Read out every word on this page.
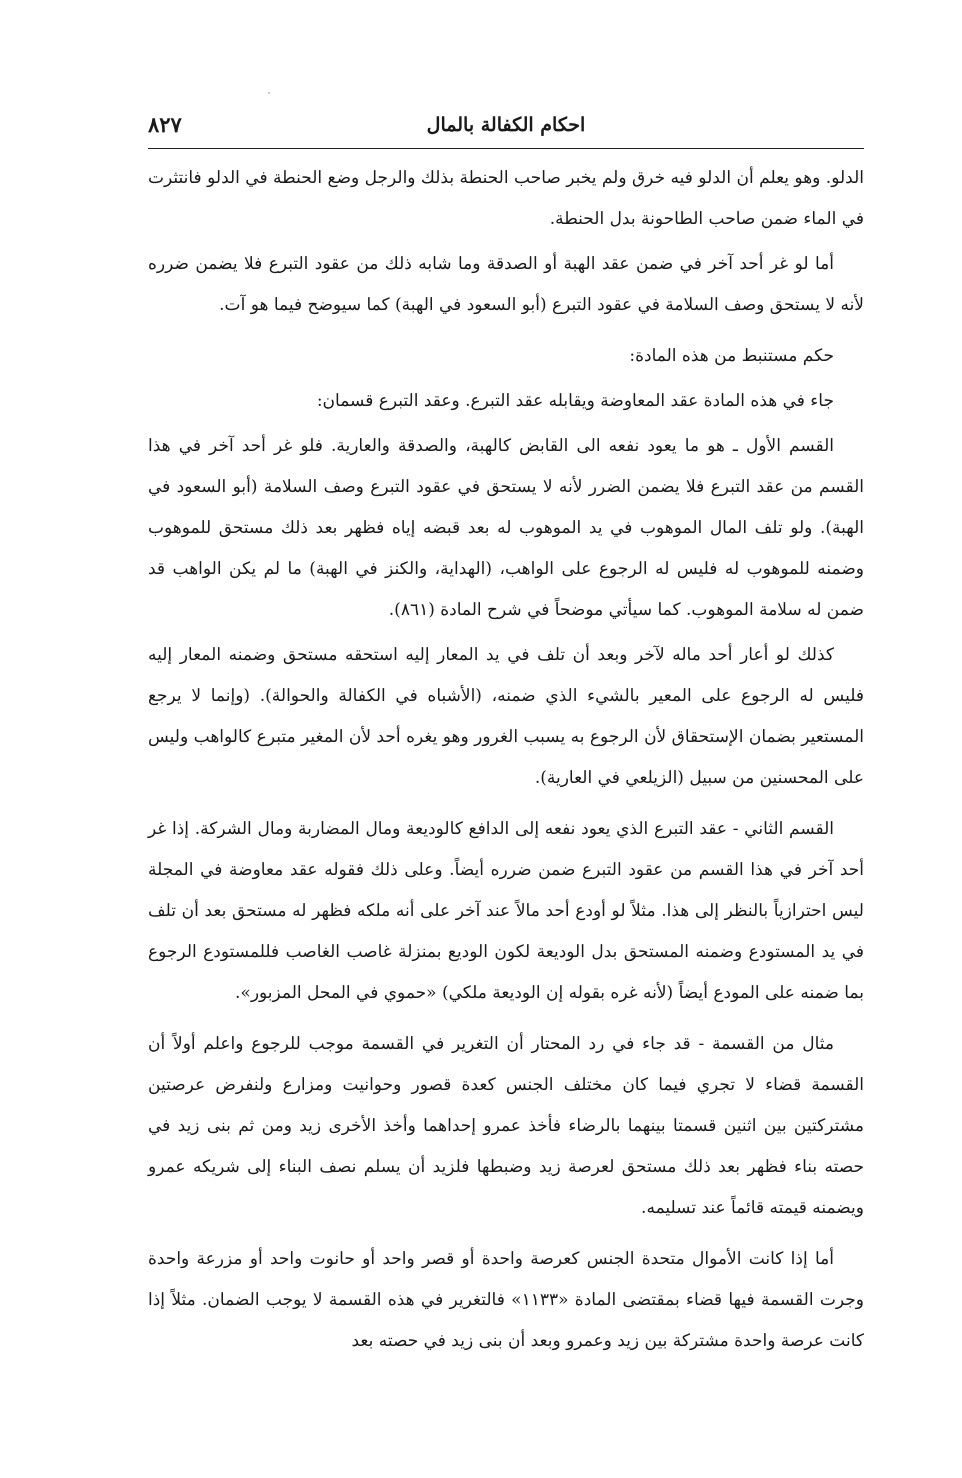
احكام الكفالة بالمال
٨٢٧

الدلو. وهو يعلم أن الدلو فيه خرق ولم يخبر صاحب الحنطة بذلك والرجل وضع الحنطة في الدلو فانتثرت في الماء ضمن صاحب الطاحونة بدل الحنطة.

أما لو غر أحد آخر في ضمن عقد الهبة أو الصدقة وما شابه ذلك من عقود التبرع فلا يضمن ضرره لأنه لا يستحق وصف السلامة في عقود التبرع (أبو السعود في الهبة) كما سيوضح فيما هو آت.

حكم مستنبط من هذه المادة:

جاء في هذه المادة عقد المعاوضة ويقابله عقد التبرع. وعقد التبرع قسمان:

القسم الأول ـ هو ما يعود نفعه الى القابض كالهبة، والصدقة والعارية. فلو غر أحد آخر في هذا القسم من عقد التبرع فلا يضمن الضرر لأنه لا يستحق في عقود التبرع وصف السلامة (أبو السعود في الهبة). ولو تلف المال الموهوب في يد الموهوب له بعد قبضه إياه فظهر بعد ذلك مستحق للموهوب وضمنه للموهوب له فليس له الرجوع على الواهب، (الهداية، والكنز في الهبة) ما لم يكن الواهب قد ضمن له سلامة الموهوب. كما سيأتي موضحاً في شرح المادة (٨٦١).

كذلك لو أعار أحد ماله لآخر وبعد أن تلف في يد المعار إليه استحقه مستحق وضمنه المعار إليه فليس له الرجوع على المعير بالشيء الذي ضمنه، (الأشباه في الكفالة والحوالة). (وإنما لا يرجع المستعير بضمان الإستحقاق لأن الرجوع به يسبب الغرور وهو يغره أحد لأن المغير متبرع كالواهب وليس على المحسنين من سبيل (الزيلعي في العارية).

القسم الثاني - عقد التبرع الذي يعود نفعه إلى الدافع كالوديعة ومال المضاربة ومال الشركة. إذا غر أحد آخر في هذا القسم من عقود التبرع ضمن ضرره أيضاً. وعلى ذلك فقوله عقد معاوضة في المجلة ليس احترازياً بالنظر إلى هذا. مثلاً لو أودع أحد مالاً عند آخر على أنه ملكه فظهر له مستحق بعد أن تلف في يد المستودع وضمنه المستحق بدل الوديعة لكون الوديع بمنزلة غاصب الغاصب فللمستودع الرجوع بما ضمنه على المودع أيضاً (لأنه غره بقوله إن الوديعة ملكي) «حموي في المحل المزبور».

مثال من القسمة - قد جاء في رد المحتار أن التغرير في القسمة موجب للرجوع واعلم أولاً أن القسمة قضاء لا تجري فيما كان مختلف الجنس كعدة قصور وحوانيت ومزارع ولنفرض عرصتين مشتركتين بين اثنين قسمتا بينهما بالرضاء فأخذ عمرو إحداهما وأخذ الأخرى زيد ومن ثم بنى زيد في حصته بناء فظهر بعد ذلك مستحق لعرصة زيد وضبطها فلزيد أن يسلم نصف البناء إلى شريكه عمرو ويضمنه قيمته قائماً عند تسليمه.

أما إذا كانت الأموال متحدة الجنس كعرصة واحدة أو قصر واحد أو حانوت واحد أو مزرعة واحدة وجرت القسمة فيها قضاء بمقتضى المادة «١١٣٣» فالتغرير في هذه القسمة لا يوجب الضمان. مثلاً إذا كانت عرصة واحدة مشتركة بين زيد وعمرو وبعد أن بنى زيد في حصته بعد
